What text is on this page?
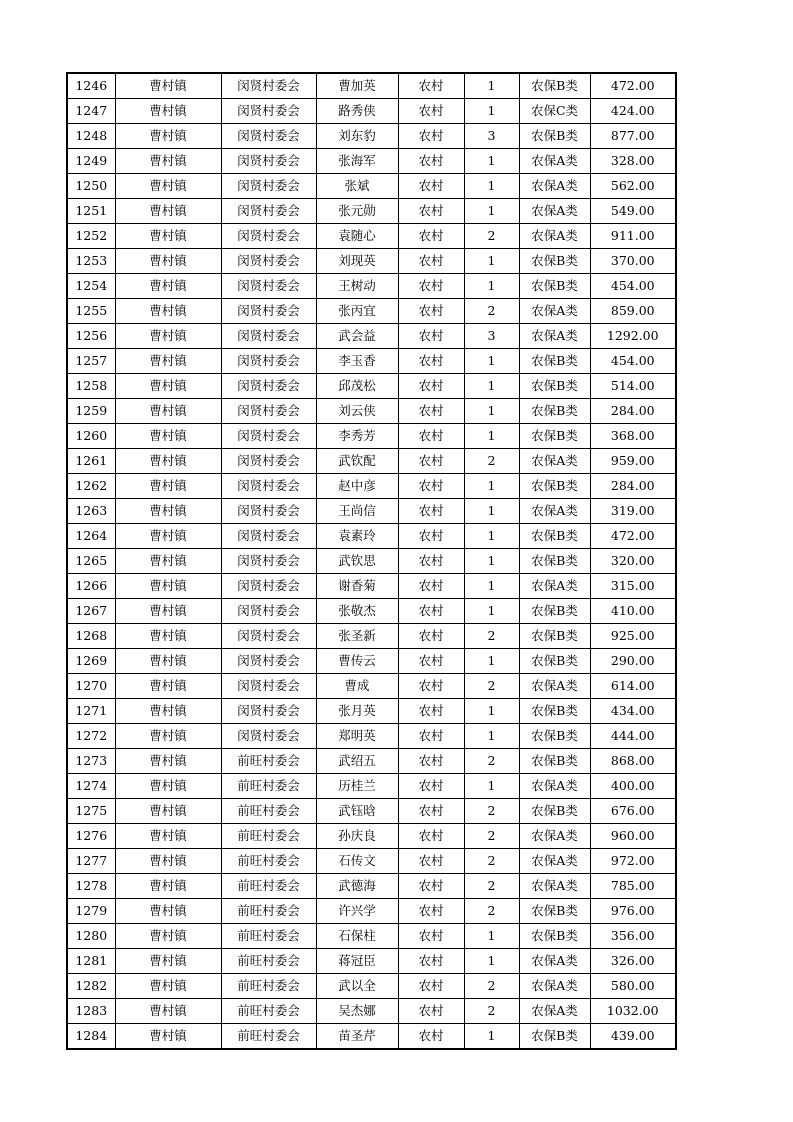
1246	曹村镇	闵贤村委会	曹加英	农村	1	农保B类	472.00
1247	曹村镇	闵贤村委会	路秀侠	农村	1	农保C类	424.00
1248	曹村镇	闵贤村委会	刘东豹	农村	3	农保B类	877.00
1249	曹村镇	闵贤村委会	张海军	农村	1	农保A类	328.00
1250	曹村镇	闵贤村委会	张斌	农村	1	农保A类	562.00
1251	曹村镇	闵贤村委会	张元勋	农村	1	农保A类	549.00
1252	曹村镇	闵贤村委会	袁随心	农村	2	农保A类	911.00
1253	曹村镇	闵贤村委会	刘现英	农村	1	农保B类	370.00
1254	曹村镇	闵贤村委会	王树动	农村	1	农保B类	454.00
1255	曹村镇	闵贤村委会	张丙宜	农村	2	农保A类	859.00
1256	曹村镇	闵贤村委会	武会益	农村	3	农保A类	1292.00
1257	曹村镇	闵贤村委会	李玉香	农村	1	农保B类	454.00
1258	曹村镇	闵贤村委会	邱茂松	农村	1	农保B类	514.00
1259	曹村镇	闵贤村委会	刘云侠	农村	1	农保B类	284.00
1260	曹村镇	闵贤村委会	李秀芳	农村	1	农保B类	368.00
1261	曹村镇	闵贤村委会	武钦配	农村	2	农保A类	959.00
1262	曹村镇	闵贤村委会	赵中彦	农村	1	农保B类	284.00
1263	曹村镇	闵贤村委会	王尚信	农村	1	农保A类	319.00
1264	曹村镇	闵贤村委会	袁素玲	农村	1	农保B类	472.00
1265	曹村镇	闵贤村委会	武钦思	农村	1	农保B类	320.00
1266	曹村镇	闵贤村委会	谢香菊	农村	1	农保A类	315.00
1267	曹村镇	闵贤村委会	张敬杰	农村	1	农保B类	410.00
1268	曹村镇	闵贤村委会	张圣新	农村	2	农保B类	925.00
1269	曹村镇	闵贤村委会	曹传云	农村	1	农保B类	290.00
1270	曹村镇	闵贤村委会	曹成	农村	2	农保A类	614.00
1271	曹村镇	闵贤村委会	张月英	农村	1	农保B类	434.00
1272	曹村镇	闵贤村委会	郑明英	农村	1	农保B类	444.00
1273	曹村镇	前旺村委会	武绍五	农村	2	农保B类	868.00
1274	曹村镇	前旺村委会	历桂兰	农村	1	农保A类	400.00
1275	曹村镇	前旺村委会	武钰晗	农村	2	农保B类	676.00
1276	曹村镇	前旺村委会	孙庆良	农村	2	农保A类	960.00
1277	曹村镇	前旺村委会	石传文	农村	2	农保A类	972.00
1278	曹村镇	前旺村委会	武德海	农村	2	农保A类	785.00
1279	曹村镇	前旺村委会	许兴学	农村	2	农保B类	976.00
1280	曹村镇	前旺村委会	石保柱	农村	1	农保B类	356.00
1281	曹村镇	前旺村委会	蒋冠臣	农村	1	农保A类	326.00
1282	曹村镇	前旺村委会	武以全	农村	2	农保A类	580.00
1283	曹村镇	前旺村委会	吴杰娜	农村	2	农保A类	1032.00
1284	曹村镇	前旺村委会	苗圣芹	农村	1	农保B类	439.00
